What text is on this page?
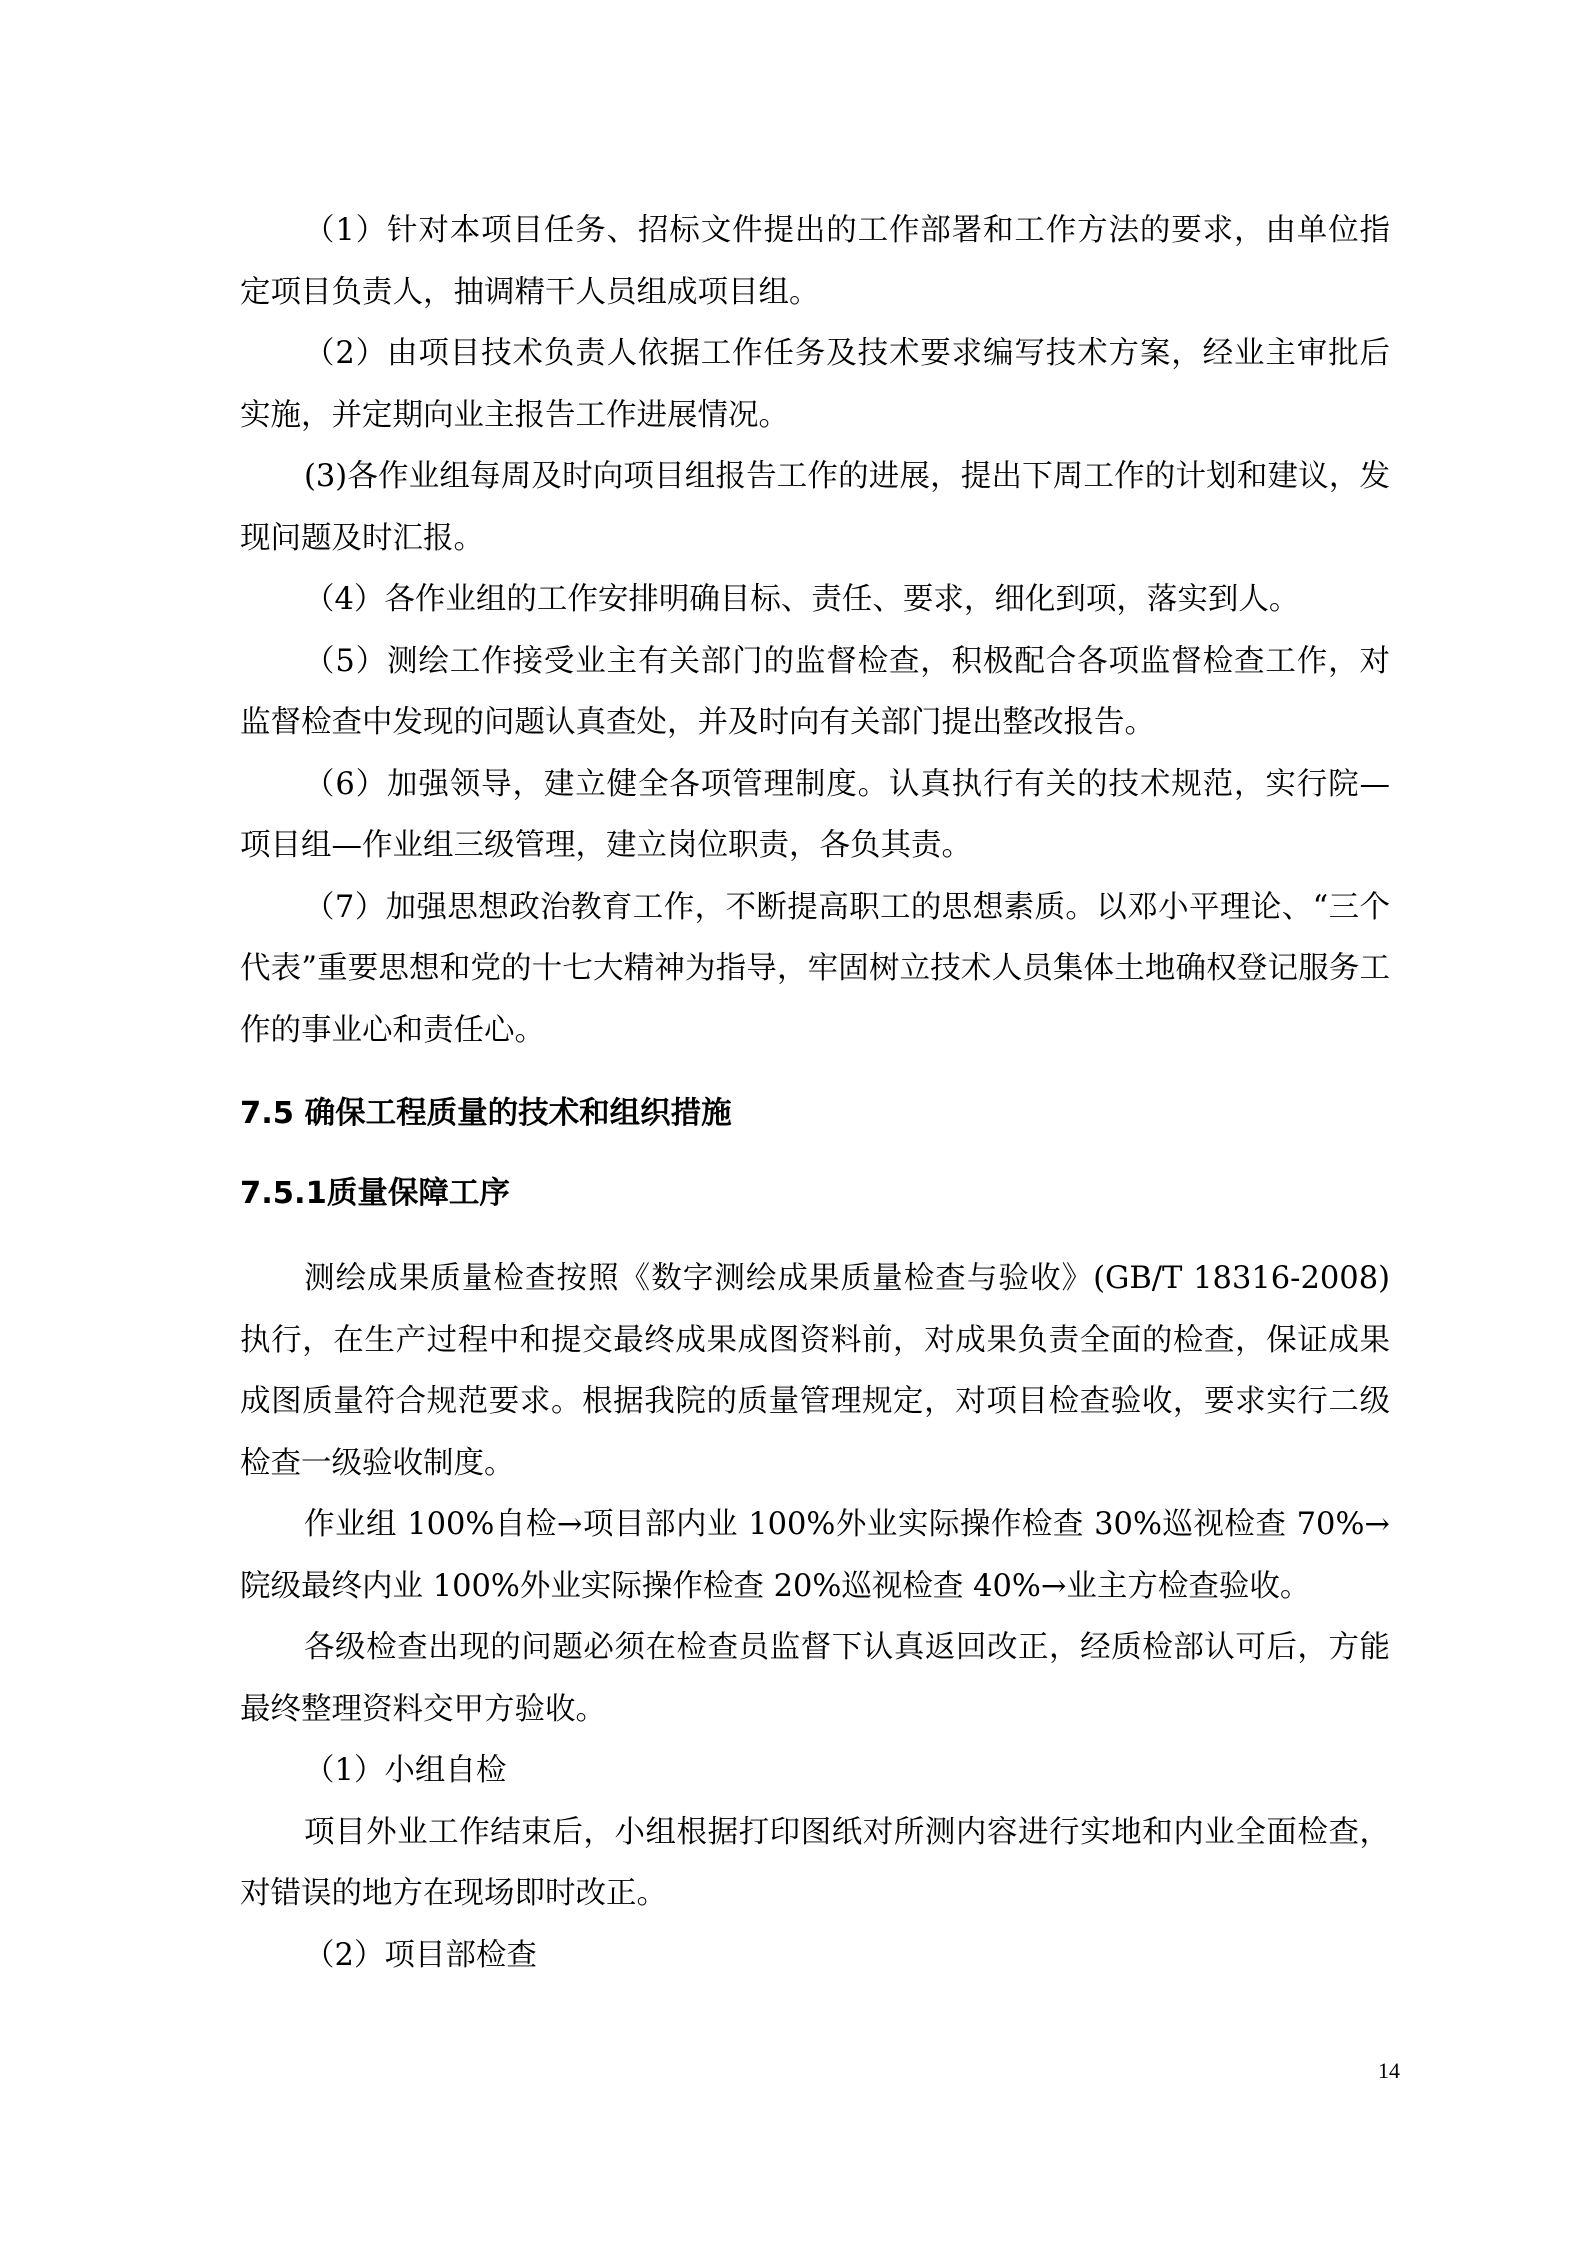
（1）针对本项目任务、招标文件提出的工作部署和工作方法的要求，由单位指定项目负责人，抽调精干人员组成项目组。

（2）由项目技术负责人依据工作任务及技术要求编写技术方案，经业主审批后实施，并定期向业主报告工作进展情况。

(3)各作业组每周及时向项目组报告工作的进展，提出下周工作的计划和建议，发现问题及时汇报。

（4）各作业组的工作安排明确目标、责任、要求，细化到项，落实到人。

（5）测绘工作接受业主有关部门的监督检查，积极配合各项监督检查工作，对监督检查中发现的问题认真查处，并及时向有关部门提出整改报告。

（6）加强领导，建立健全各项管理制度。认真执行有关的技术规范，实行院—项目组—作业组三级管理，建立岗位职责，各负其责。

（7）加强思想政治教育工作，不断提高职工的思想素质。以邓小平理论、“三个代表”重要思想和党的十七大精神为指导，牢固树立技术人员集体土地确权登记服务工作的事业心和责任心。

7.5 确保工程质量的技术和组织措施

7.5.1质量保障工序

测绘成果质量检查按照《数字测绘成果质量检查与验收》(GB/T 18316-2008)执行，在生产过程中和提交最终成果成图资料前，对成果负责全面的检查，保证成果成图质量符合规范要求。根据我院的质量管理规定，对项目检查验收，要求实行二级检查一级验收制度。

作业组 100%自检→项目部内业 100%外业实际操作检查 30%巡视检查 70%→院级最终内业 100%外业实际操作检查 20%巡视检查 40%→业主方检查验收。

各级检查出现的问题必须在检查员监督下认真返回改正，经质检部认可后，方能最终整理资料交甲方验收。

（1）小组自检

项目外业工作结束后，小组根据打印图纸对所测内容进行实地和内业全面检查，对错误的地方在现场即时改正。

（2）项目部检查

14
